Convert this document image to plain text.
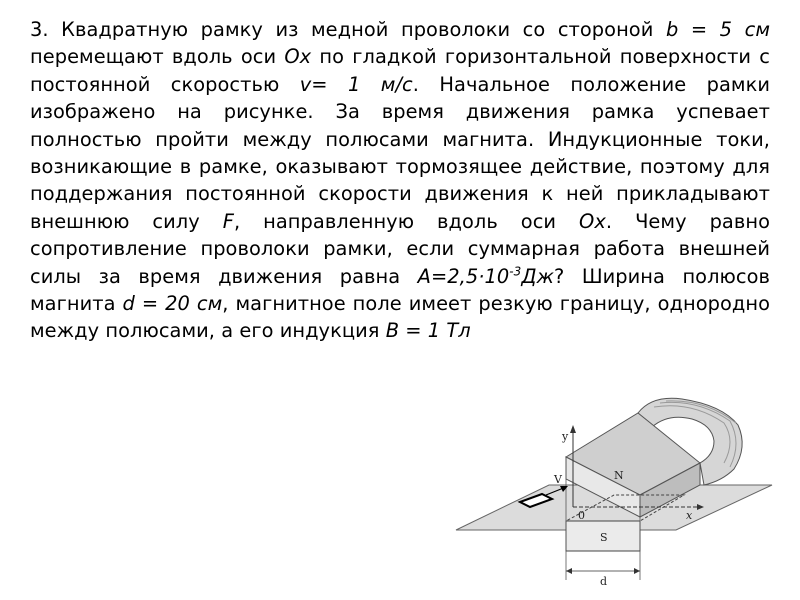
3. Квадратную рамку из медной проволоки со стороной b = 5 см перемещают вдоль оси Ox по гладкой горизонтальной поверхности с постоянной скоростью v= 1 м/с. Начальное положение рамки изображено на рисунке. За время движения рамка успевает полностью пройти между полюсами магнита. Индукционные токи, возникающие в рамке, оказывают тормозящее действие, поэтому для поддержания постоянной скорости движения к ней прикладывают внешнюю силу F, направленную вдоль оси Ox. Чему равно сопротивление проволоки рамки, если суммарная работа внешней силы за время движения равна $A=2,5\cdot 10^{-3}Дж$? Ширина полюсов магнита d = 20 см, магнитное поле имеет резкую границу, однородно между полюсами, а его индукция B = 1 Тл

y
V	N
S
0	x
d
